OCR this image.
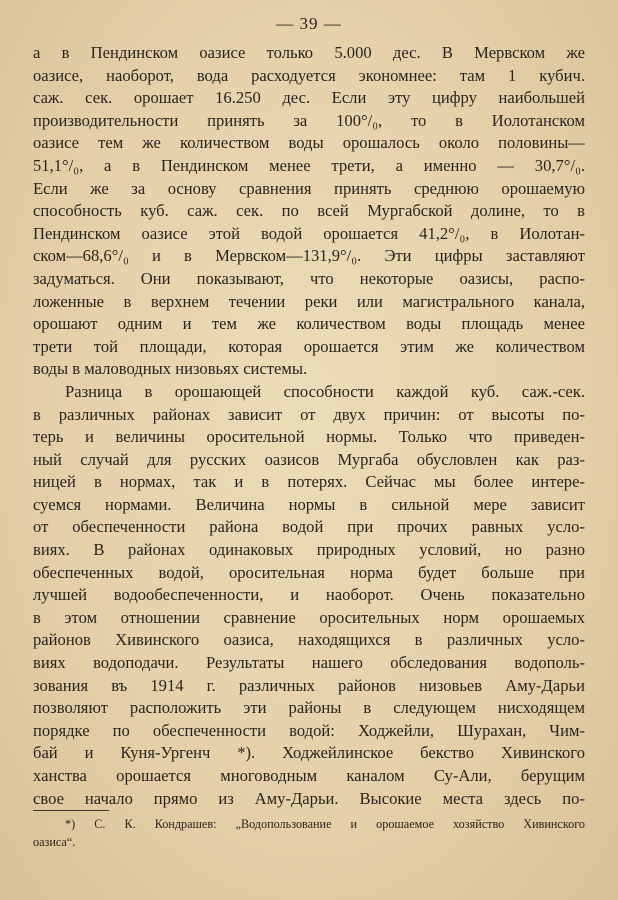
— 39 —
а в Пендинском оазисе только 5.000 дес. В Мервском же
оазисе, наоборот, вода расходуется экономнее: там 1 кубич.
саж. сек. орошает 16.250 дес. Если эту цифру наибольшей
производительности принять за 100°/₀, то в Иолотанском
оазисе тем же количеством воды орошалось около половины—
51,1°/₀, а в Пендинском менее трети, а именно — 30,7°/₀.
Если же за основу сравнения принять среднюю орошаемую
способность куб. саж. сек. по всей Мургабской долине, то в
Пендинском оазисе этой водой орошается 41,2°/₀, в Иолотан-
ском—68,6°/₀ и в Мервском—131,9°/₀. Эти цифры заставляют
задуматься. Они показывают, что некоторые оазисы, распо-
ложенные в верхнем течении реки или магистрального канала,
орошают одним и тем же количеством воды площадь менее
трети той площади, которая орошается этим же количеством
воды в маловодных низовьях системы.
Разница в орошающей способности каждой куб. саж.-сек.
в различных районах зависит от двух причин: от высоты по-
терь и величины оросительной нормы. Только что приведен-
ный случай для русских оазисов Мургаба обусловлен как раз-
ницей в нормах, так и в потерях. Сейчас мы более интере-
суемся нормами. Величина нормы в сильной мере зависит
от обеспеченности района водой при прочих равных усло-
виях. В районах одинаковых природных условий, но разно
обеспеченных водой, оросительная норма будет больше при
лучшей водообеспеченности, и наоборот. Очень показательно
в этом отношении сравнение оросительных норм орошаемых
районов Хивинского оазиса, находящихся в различных усло-
виях водоподачи. Результаты нашего обследования водополь-
зования въ 1914 г. различных районов низовьев Аму-Дарьи
позволяют расположить эти районы в следующем нисходящем
порядке по обеспеченности водой: Ходжейли, Шурахан, Чим-
бай и Куня-Ургенч *). Ходжейлинское бекство Хивинского
ханства орошается многоводным каналом Су-Али, берущим
свое начало прямо из Аму-Дарьи. Высокие места здесь по-
*) С. К. Кондрашев: „Водопользование и орошаемое хозяйство Хивинского
оазиса“.
